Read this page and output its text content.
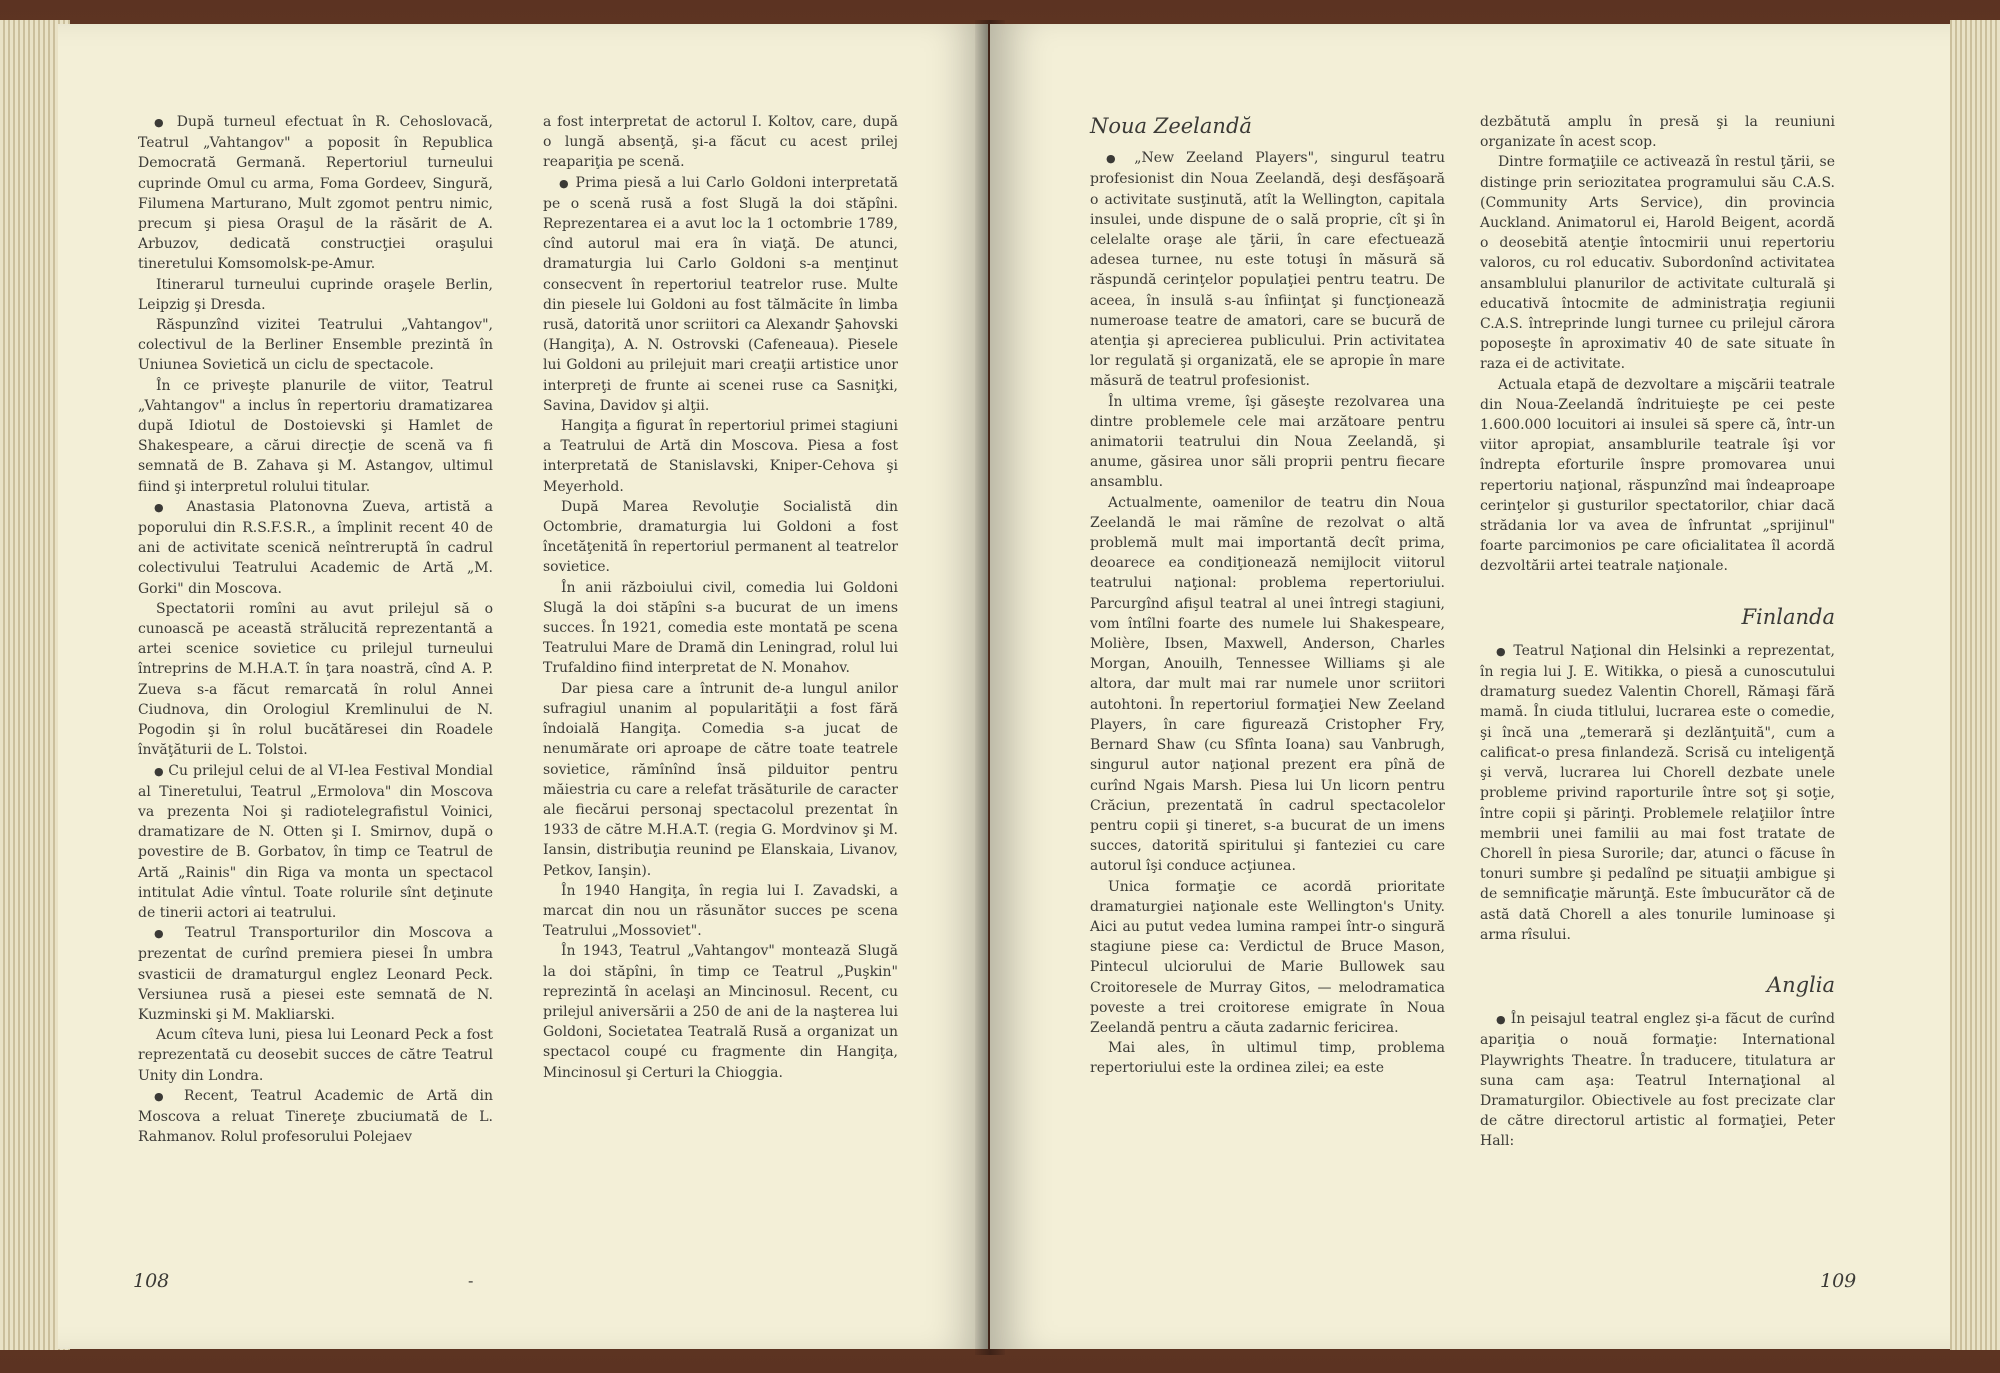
● După turneul efectuat în R. Cehoslovacă, Teatrul „Vahtangov" a poposit în Republica Democrată Germană. Repertoriul turneului cuprinde Omul cu arma, Foma Gordeev, Singură, Filumena Marturano, Mult zgomot pentru nimic, precum şi piesa Oraşul de la răsărit de A. Arbuzov, dedicată construcţiei oraşului tineretului Komsomolsk-pe-Amur.

Itinerarul turneului cuprinde oraşele Berlin, Leipzig şi Dresda.

Răspunzînd vizitei Teatrului „Vahtangov", colectivul de la Berliner Ensemble prezintă în Uniunea Sovietică un ciclu de spectacole.

În ce priveşte planurile de viitor, Teatrul „Vahtangov" a inclus în repertoriu dramatizarea după Idiotul de Dostoievski şi Hamlet de Shakespeare, a cărui direcţie de scenă va fi semnată de B. Zahava şi M. Astangov, ultimul fiind şi interpretul rolului titular.

● Anastasia Platonovna Zueva, artistă a poporului din R.S.F.S.R., a împlinit recent 40 de ani de activitate scenică neîntreruptă în cadrul colectivului Teatrului Academic de Artă „M. Gorki" din Moscova.

Spectatorii romîni au avut prilejul să o cunoască pe această strălucită reprezentantă a artei scenice sovietice cu prilejul turneului întreprins de M.H.A.T. în ţara noastră, cînd A. P. Zueva s-a făcut remarcată în rolul Annei Ciudnova, din Orologiul Kremlinului de N. Pogodin şi în rolul bucătăresei din Roadele învăţăturii de L. Tolstoi.

● Cu prilejul celui de al VI-lea Festival Mondial al Tineretului, Teatrul „Ermolova" din Moscova va prezenta Noi şi radiotelegrafistul Voinici, dramatizare de N. Otten şi I. Smirnov, după o povestire de B. Gorbatov, în timp ce Teatrul de Artă „Rainis" din Riga va monta un spectacol intitulat Adie vîntul. Toate rolurile sînt deţinute de tinerii actori ai teatrului.

● Teatrul Transporturilor din Moscova a prezentat de curînd premiera piesei În umbra svasticii de dramaturgul englez Leonard Peck. Versiunea rusă a piesei este semnată de N. Kuzminski şi M. Makliarski.

Acum cîteva luni, piesa lui Leonard Peck a fost reprezentată cu deosebit succes de către Teatrul Unity din Londra.

● Recent, Teatrul Academic de Artă din Moscova a reluat Tinereţe zbuciumată de L. Rahmanov. Rolul profesorului Polejaev

a fost interpretat de actorul I. Koltov, care, după o lungă absenţă, şi-a făcut cu acest prilej reapariţia pe scenă.

● Prima piesă a lui Carlo Goldoni interpretată pe o scenă rusă a fost Slugă la doi stăpîni. Reprezentarea ei a avut loc la 1 octombrie 1789, cînd autorul mai era în viaţă. De atunci, dramaturgia lui Carlo Goldoni s-a menţinut consecvent în repertoriul teatrelor ruse. Multe din piesele lui Goldoni au fost tălmăcite în limba rusă, datorită unor scriitori ca Alexandr Şahovski (Hangiţa), A. N. Ostrovski (Cafeneaua). Piesele lui Goldoni au prilejuit mari creaţii artistice unor interpreţi de frunte ai scenei ruse ca Sasniţki, Savina, Davidov şi alţii.

Hangiţa a figurat în repertoriul primei stagiuni a Teatrului de Artă din Moscova. Piesa a fost interpretată de Stanislavski, Kniper-Cehova şi Meyerhold.

După Marea Revoluţie Socialistă din Octombrie, dramaturgia lui Goldoni a fost încetăţenită în repertoriul permanent al teatrelor sovietice.

În anii războiului civil, comedia lui Goldoni Slugă la doi stăpîni s-a bucurat de un imens succes. În 1921, comedia este montată pe scena Teatrului Mare de Dramă din Leningrad, rolul lui Trufaldino fiind interpretat de N. Monahov.

Dar piesa care a întrunit de-a lungul anilor sufragiul unanim al popularităţii a fost fără îndoială Hangiţa. Comedia s-a jucat de nenumărate ori aproape de către toate teatrele sovietice, rămînînd însă pilduitor pentru măiestria cu care a relefat trăsăturile de caracter ale fiecărui personaj spectacolul prezentat în 1933 de către M.H.A.T. (regia G. Mordvinov şi M. Iansin, distribuţia reunind pe Elanskaia, Livanov, Petkov, Ianşin).

În 1940 Hangiţa, în regia lui I. Zavadski, a marcat din nou un răsunător succes pe scena Teatrului „Mossoviet".

În 1943, Teatrul „Vahtangov" montează Slugă la doi stăpîni, în timp ce Teatrul „Puşkin" reprezintă în acelaşi an Mincinosul. Recent, cu prilejul aniversării a 250 de ani de la naşterea lui Goldoni, Societatea Teatrală Rusă a organizat un spectacol coupé cu fragmente din Hangiţa, Mincinosul şi Certuri la Chioggia.

-
108

Noua Zeelandă

● „New Zeeland Players", singurul teatru profesionist din Noua Zeelandă, deşi desfăşoară o activitate susţinută, atît la Wellington, capitala insulei, unde dispune de o sală proprie, cît şi în celelalte oraşe ale ţării, în care efectuează adesea turnee, nu este totuşi în măsură să răspundă cerinţelor populaţiei pentru teatru. De aceea, în insulă s-au înfiinţat şi funcţionează numeroase teatre de amatori, care se bucură de atenţia şi aprecierea publicului. Prin activitatea lor regulată şi organizată, ele se apropie în mare măsură de teatrul profesionist.

În ultima vreme, îşi găseşte rezolvarea una dintre problemele cele mai arzătoare pentru animatorii teatrului din Noua Zeelandă, şi anume, găsirea unor săli proprii pentru fiecare ansamblu.

Actualmente, oamenilor de teatru din Noua Zeelandă le mai rămîne de rezolvat o altă problemă mult mai importantă decît prima, deoarece ea condiţionează nemijlocit viitorul teatrului naţional: problema repertoriului. Parcurgînd afişul teatral al unei întregi stagiuni, vom întîlni foarte des numele lui Shakespeare, Molière, Ibsen, Maxwell, Anderson, Charles Morgan, Anouilh, Tennessee Williams şi ale altora, dar mult mai rar numele unor scriitori autohtoni. În repertoriul formaţiei New Zeeland Players, în care figurează Cristopher Fry, Bernard Shaw (cu Sfînta Ioana) sau Vanbrugh, singurul autor naţional prezent era pînă de curînd Ngais Marsh. Piesa lui Un licorn pentru Crăciun, prezentată în cadrul spectacolelor pentru copii şi tineret, s-a bucurat de un imens succes, datorită spiritului şi fanteziei cu care autorul îşi conduce acţiunea.

Unica formaţie ce acordă prioritate dramaturgiei naţionale este Wellington's Unity. Aici au putut vedea lumina rampei într-o singură stagiune piese ca: Verdictul de Bruce Mason, Pintecul ulciorului de Marie Bullowek sau Croitoresele de Murray Gitos, — melodramatica poveste a trei croitorese emigrate în Noua Zeelandă pentru a căuta zadarnic fericirea.

Mai ales, în ultimul timp, problema repertoriului este la ordinea zilei; ea este

dezbătută amplu în presă şi la reuniuni organizate în acest scop.

Dintre formaţiile ce activează în restul ţării, se distinge prin seriozitatea programului său C.A.S. (Community Arts Service), din provincia Auckland. Animatorul ei, Harold Beigent, acordă o deosebită atenţie întocmirii unui repertoriu valoros, cu rol educativ. Subordonînd activitatea ansamblului planurilor de activitate culturală şi educativă întocmite de administraţia regiunii C.A.S. întreprinde lungi turnee cu prilejul cărora poposeşte în aproximativ 40 de sate situate în raza ei de activitate.

Actuala etapă de dezvoltare a mişcării teatrale din Noua-Zeelandă îndrituieşte pe cei peste 1.600.000 locuitori ai insulei să spere că, într-un viitor apropiat, ansamblurile teatrale îşi vor îndrepta eforturile înspre promovarea unui repertoriu naţional, răspunzînd mai îndeaproape cerinţelor şi gusturilor spectatorilor, chiar dacă strădania lor va avea de înfruntat „sprijinul" foarte parcimonios pe care oficialitatea îl acordă dezvoltării artei teatrale naţionale.

Finlanda

● Teatrul Naţional din Helsinki a reprezentat, în regia lui J. E. Witikka, o piesă a cunoscutului dramaturg suedez Valentin Chorell, Rămaşi fără mamă. În ciuda titlului, lucrarea este o comedie, şi încă una „temerară şi dezlănţuită", cum a calificat-o presa finlandeză. Scrisă cu inteligenţă şi vervă, lucrarea lui Chorell dezbate unele probleme privind raporturile între soţ şi soţie, între copii şi părinţi. Problemele relaţiilor între membrii unei familii au mai fost tratate de Chorell în piesa Surorile; dar, atunci o făcuse în tonuri sumbre şi pedalînd pe situaţii ambigue şi de semnificaţie mărunţă. Este îmbucurător că de astă dată Chorell a ales tonurile luminoase şi arma rîsului.

Anglia

● În peisajul teatral englez şi-a făcut de curînd apariţia o nouă formaţie: International Playwrights Theatre. În traducere, titulatura ar suna cam aşa: Teatrul Internaţional al Dramaturgilor. Obiectivele au fost precizate clar de către directorul artistic al formaţiei, Peter Hall:

109
